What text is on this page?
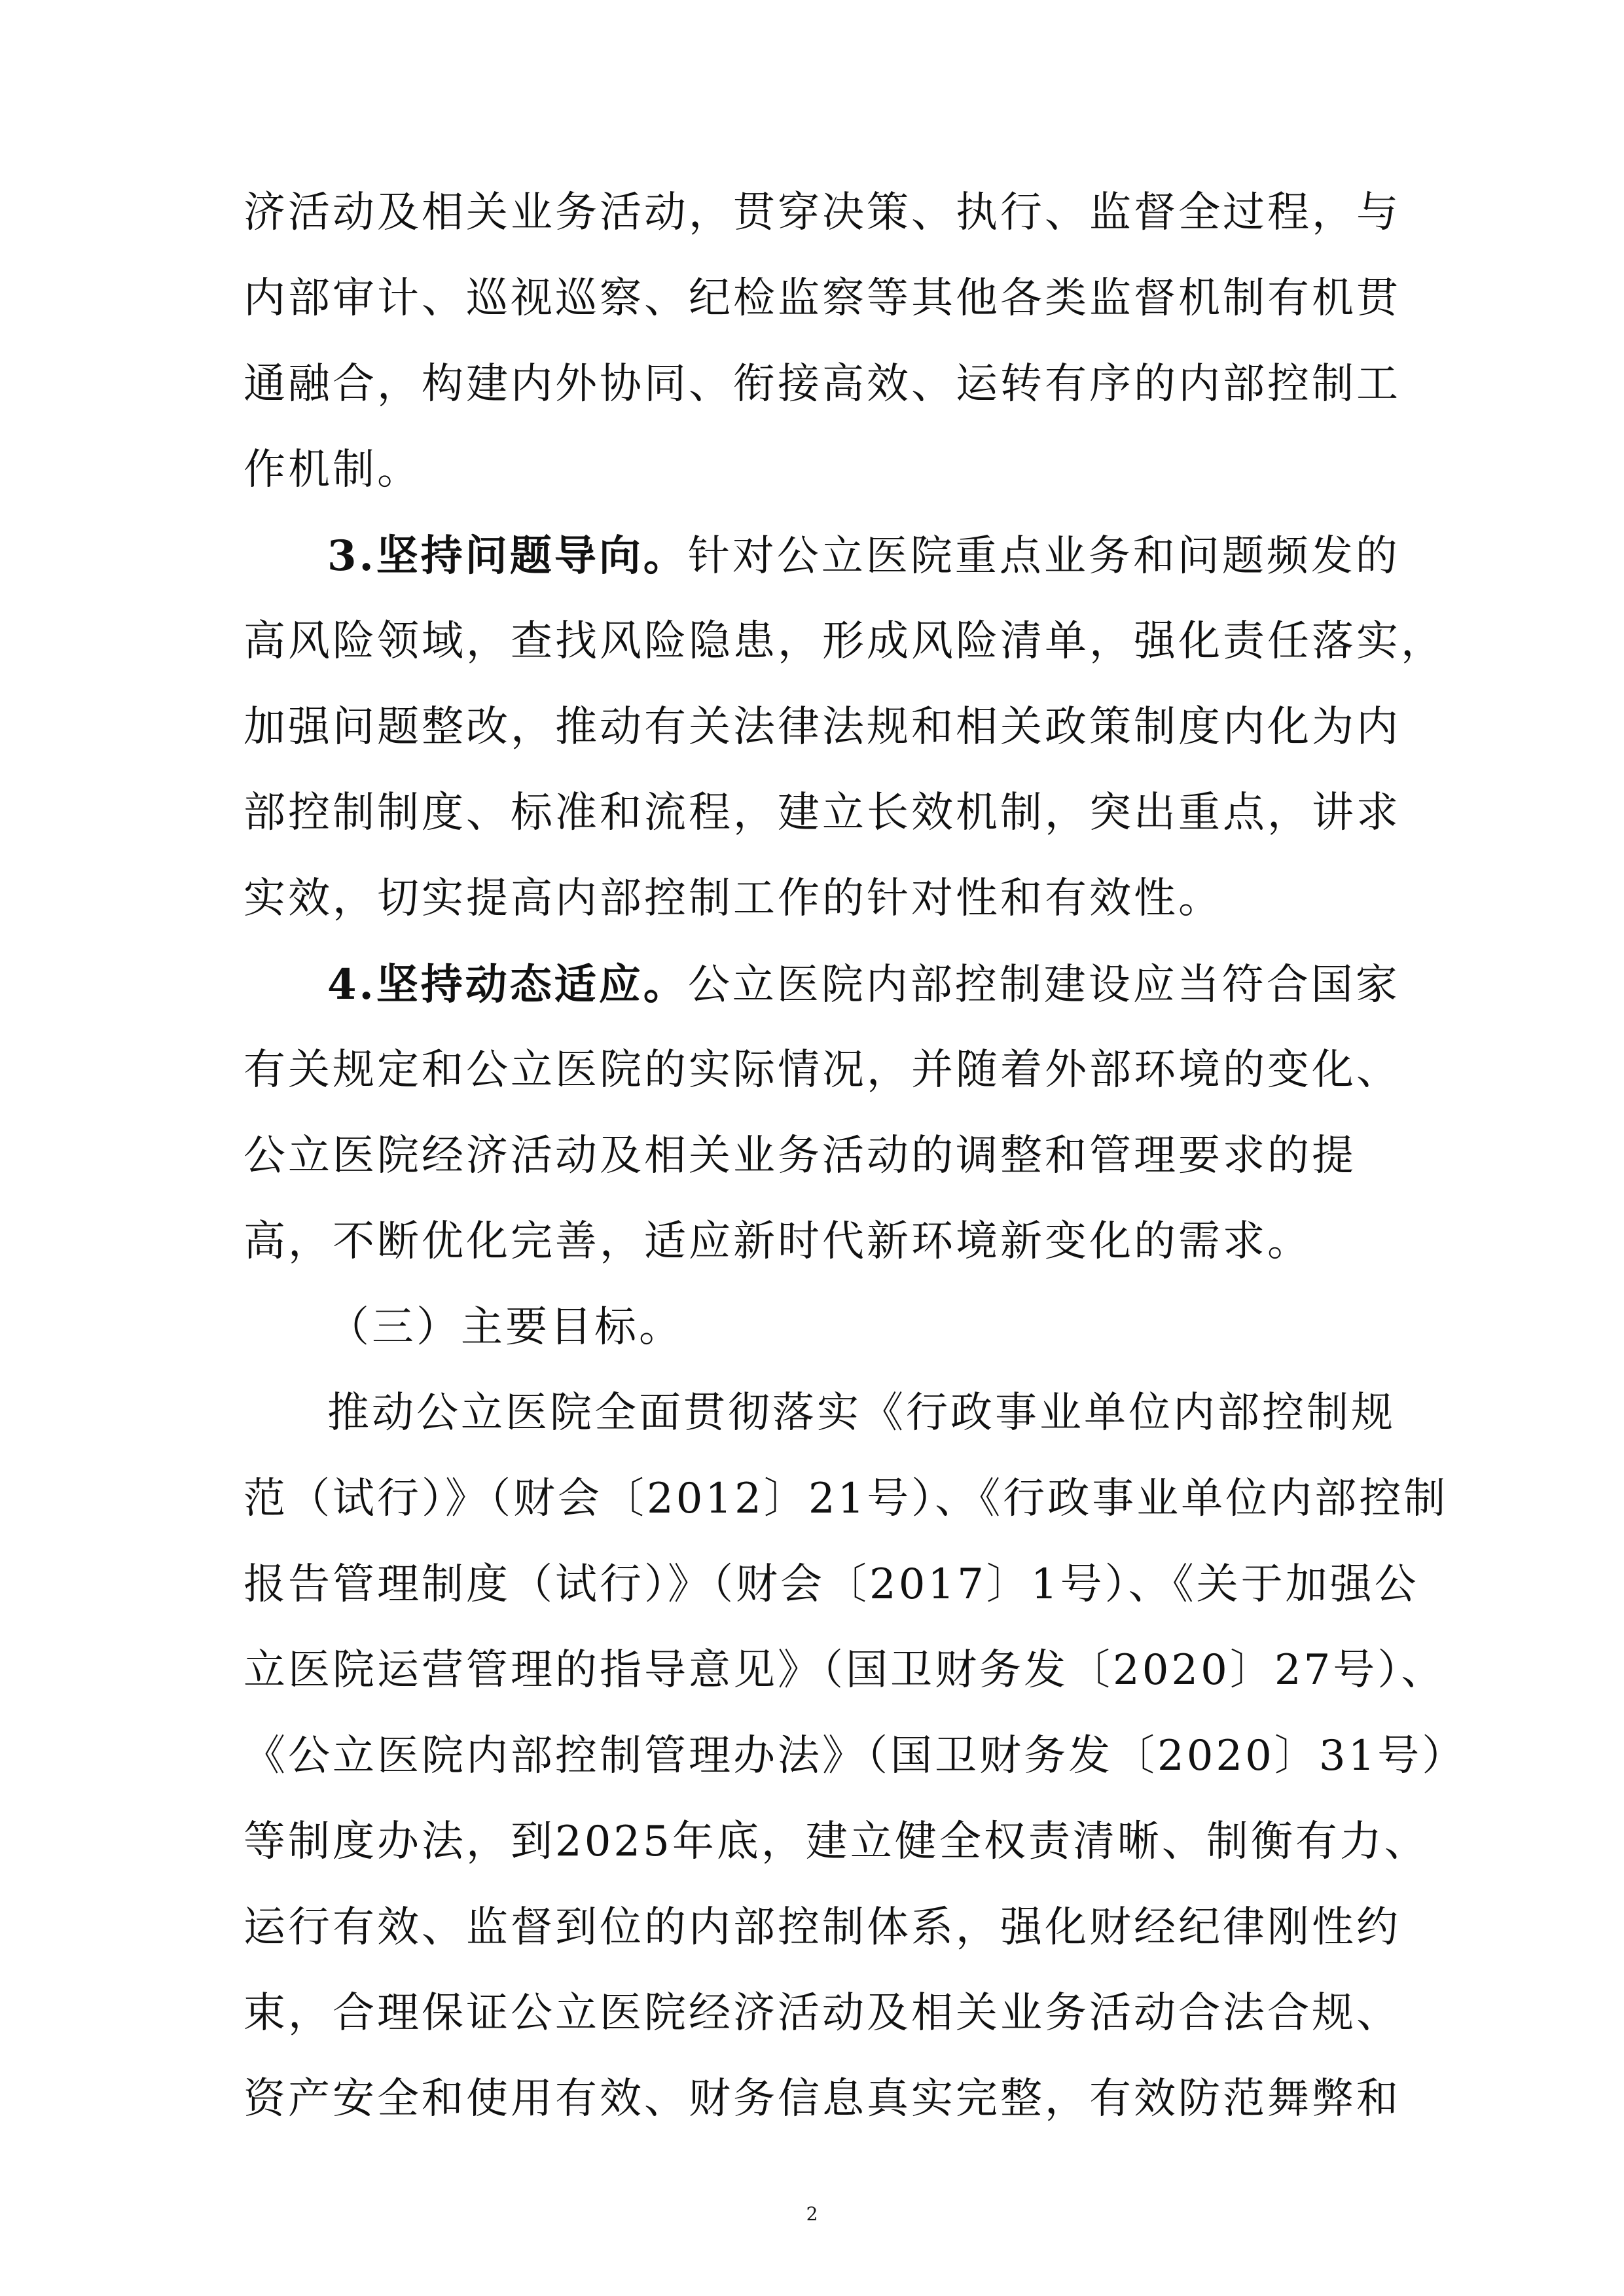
济活动及相关业务活动，贯穿决策、执行、监督全过程，与
内部审计、巡视巡察、纪检监察等其他各类监督机制有机贯
通融合，构建内外协同、衔接高效、运转有序的内部控制工
作机制。
3.坚持问题导向。针对公立医院重点业务和问题频发的
高风险领域，查找风险隐患，形成风险清单，强化责任落实，
加强问题整改，推动有关法律法规和相关政策制度内化为内
部控制制度、标准和流程，建立长效机制，突出重点，讲求
实效，切实提高内部控制工作的针对性和有效性。
4.坚持动态适应。公立医院内部控制建设应当符合国家
有关规定和公立医院的实际情况，并随着外部环境的变化、
公立医院经济活动及相关业务活动的调整和管理要求的提
高，不断优化完善，适应新时代新环境新变化的需求。
（三）主要目标。
推动公立医院全面贯彻落实《行政事业单位内部控制规
范（试行）》（财会〔2012〕21号）、《行政事业单位内部控制
报告管理制度（试行）》（财会〔2017〕1号）、《关于加强公
立医院运营管理的指导意见》（国卫财务发〔2020〕27号）、
《公立医院内部控制管理办法》（国卫财务发〔2020〕31号）
等制度办法，到2025年底，建立健全权责清晰、制衡有力、
运行有效、监督到位的内部控制体系，强化财经纪律刚性约
束，合理保证公立医院经济活动及相关业务活动合法合规、
资产安全和使用有效、财务信息真实完整，有效防范舞弊和
2
